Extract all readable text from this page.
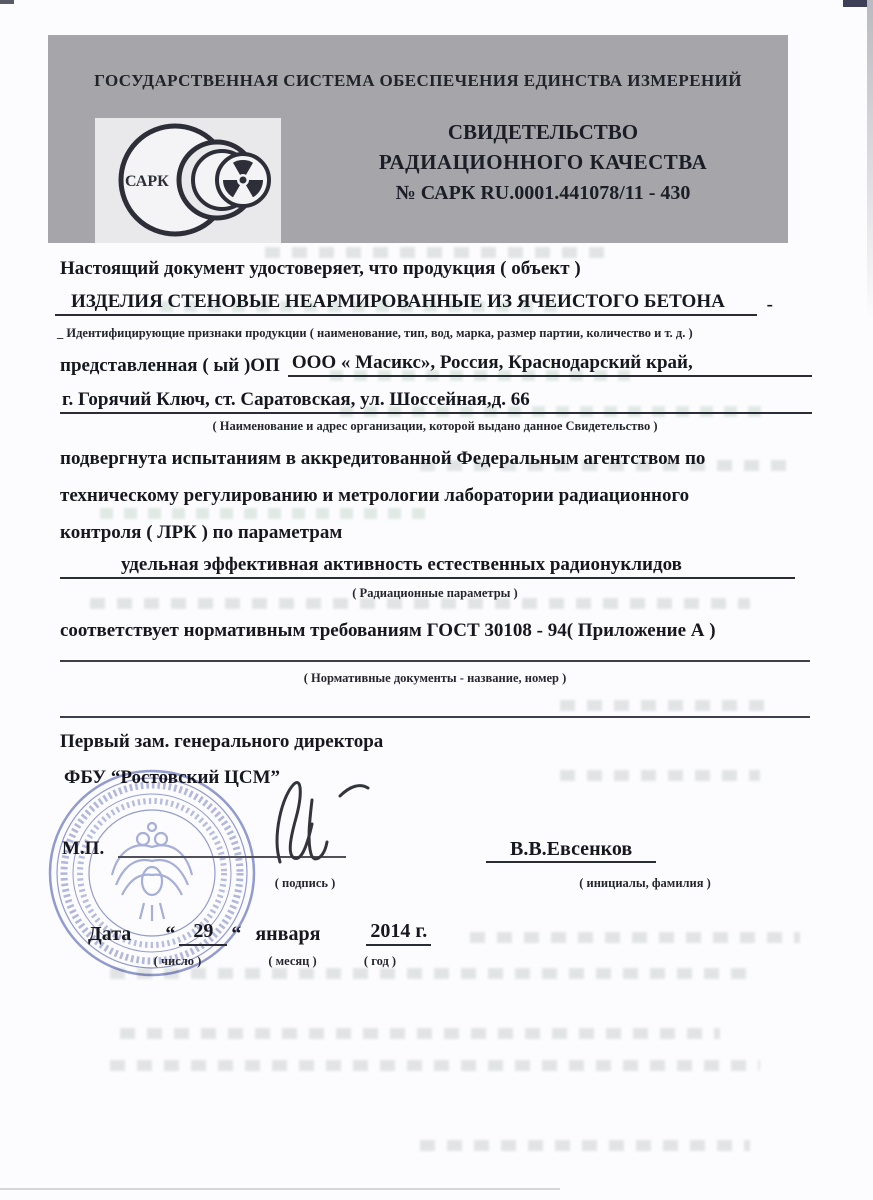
ГОСУДАРСТВЕННАЯ СИСТЕМА ОБЕСПЕЧЕНИЯ ЕДИНСТВА ИЗМЕРЕНИЙ
САРК
СВИДЕТЕЛЬСТВО
РАДИАЦИОННОГО КАЧЕСТВА
№ САРК RU.0001.441078/11 - 430
Настоящий документ удостоверяет, что продукция ( объект )
ИЗДЕЛИЯ СТЕНОВЫЕ НЕАРМИРОВАННЫЕ ИЗ ЯЧЕИСТОГО БЕТОНА	-
_ Идентифицирующие признаки продукции ( наименование, тип, вод, марка, размер партии, количество и т. д. )
представленная ( ый )ОП ООО « Масикс», Россия, Краснодарский край,
г. Горячий Ключ, ст. Саратовская, ул. Шоссейная,д. 66
( Наименование и адрес организации, которой выдано данное Свидетельство )
подвергнута испытаниям в аккредитованной Федеральным агентством по
техническому регулированию и метрологии лаборатории радиационного
контроля ( ЛРК ) по параметрам
удельная эффективная активность естественных радионуклидов
( Радиационные параметры )
соответствует нормативным требованиям ГОСТ 30108 - 94( Приложение А )
( Нормативные документы - название, номер )
Первый зам. генерального директора
ФБУ “Ростовский ЦСМ”
М.П.	В.В.Евсенков
( подпись )	( инициалы, фамилия )
Дата “ 29 “ января	2014 г.
( число )	( месяц )	( год )
